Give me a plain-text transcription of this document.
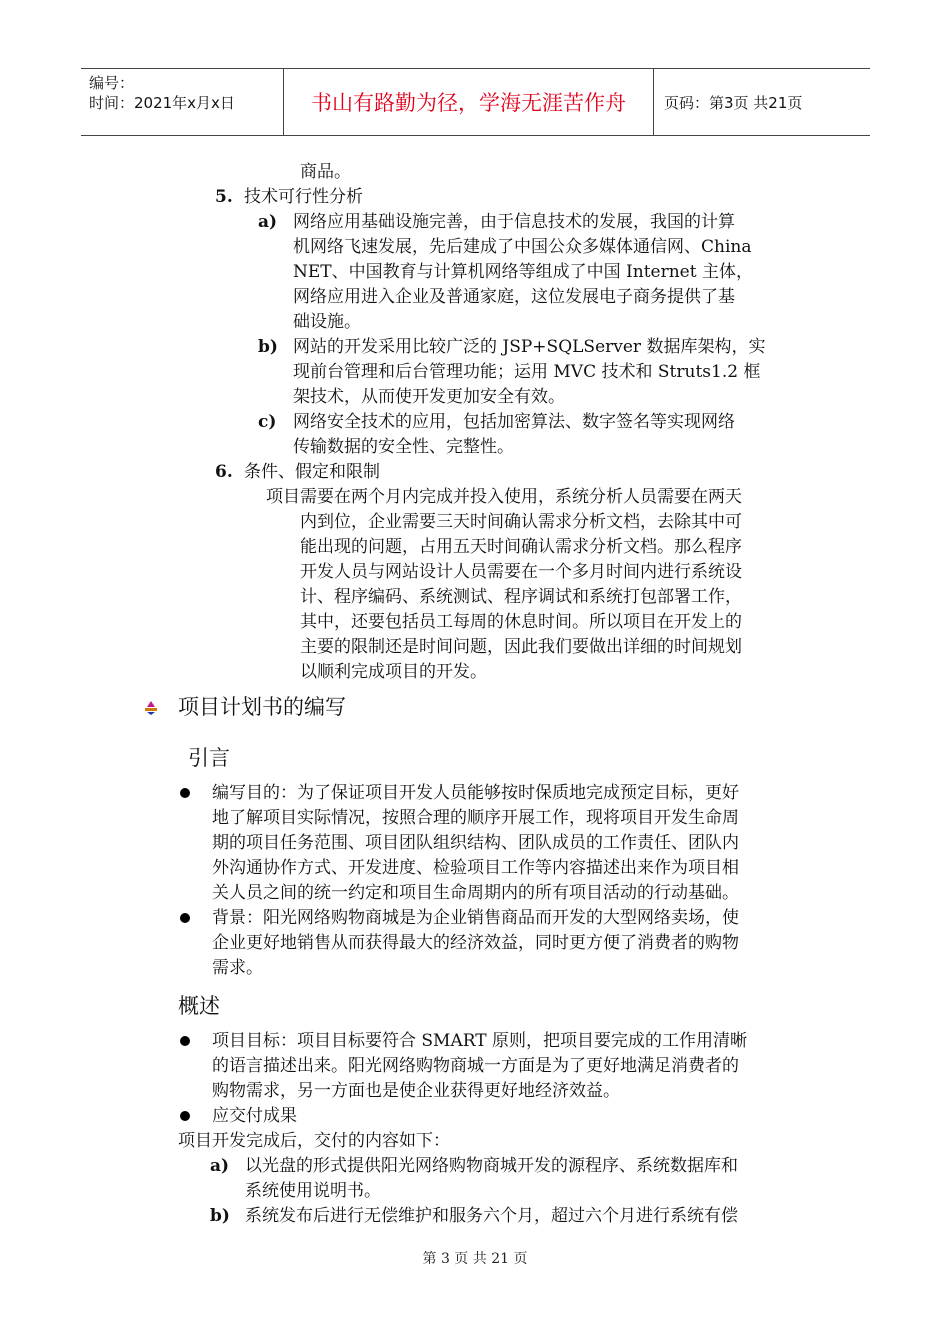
编号：
时间：2021年x月x日	书山有路勤为径，学海无涯苦作舟	页码：第3页 共21页
商品。
5. 技术可行性分析
a) 网络应用基础设施完善，由于信息技术的发展，我国的计算
机网络飞速发展，先后建成了中国公众多媒体通信网、China
NET、中国教育与计算机网络等组成了中国 Internet 主体，
网络应用进入企业及普通家庭，这位发展电子商务提供了基
础设施。
b) 网站的开发采用比较广泛的 JSP+SQLServer 数据库架构，实
现前台管理和后台管理功能；运用 MVC 技术和 Struts1.2 框
架技术，从而使开发更加安全有效。
c) 网络安全技术的应用，包括加密算法、数字签名等实现网络
传输数据的安全性、完整性。
6. 条件、假定和限制
项目需要在两个月内完成并投入使用，系统分析人员需要在两天
内到位，企业需要三天时间确认需求分析文档，去除其中可
能出现的问题，占用五天时间确认需求分析文档。那么程序
开发人员与网站设计人员需要在一个多月时间内进行系统设
计、程序编码、系统测试、程序调试和系统打包部署工作，
其中，还要包括员工每周的休息时间。所以项目在开发上的
主要的限制还是时间问题，因此我们要做出详细的时间规划
以顺利完成项目的开发。
项目计划书的编写
引言
编写目的：为了保证项目开发人员能够按时保质地完成预定目标，更好
地了解项目实际情况，按照合理的顺序开展工作，现将项目开发生命周
期的项目任务范围、项目团队组织结构、团队成员的工作责任、团队内
外沟通协作方式、开发进度、检验项目工作等内容描述出来作为项目相
关人员之间的统一约定和项目生命周期内的所有项目活动的行动基础。
背景：阳光网络购物商城是为企业销售商品而开发的大型网络卖场，使
企业更好地销售从而获得最大的经济效益，同时更方便了消费者的购物
需求。
概述
项目目标：项目目标要符合 SMART 原则，把项目要完成的工作用清晰
的语言描述出来。阳光网络购物商城一方面是为了更好地满足消费者的
购物需求，另一方面也是使企业获得更好地经济效益。
应交付成果
项目开发完成后，交付的内容如下：
a) 以光盘的形式提供阳光网络购物商城开发的源程序、系统数据库和
系统使用说明书。
b) 系统发布后进行无偿维护和服务六个月，超过六个月进行系统有偿
第 3 页 共 21 页
